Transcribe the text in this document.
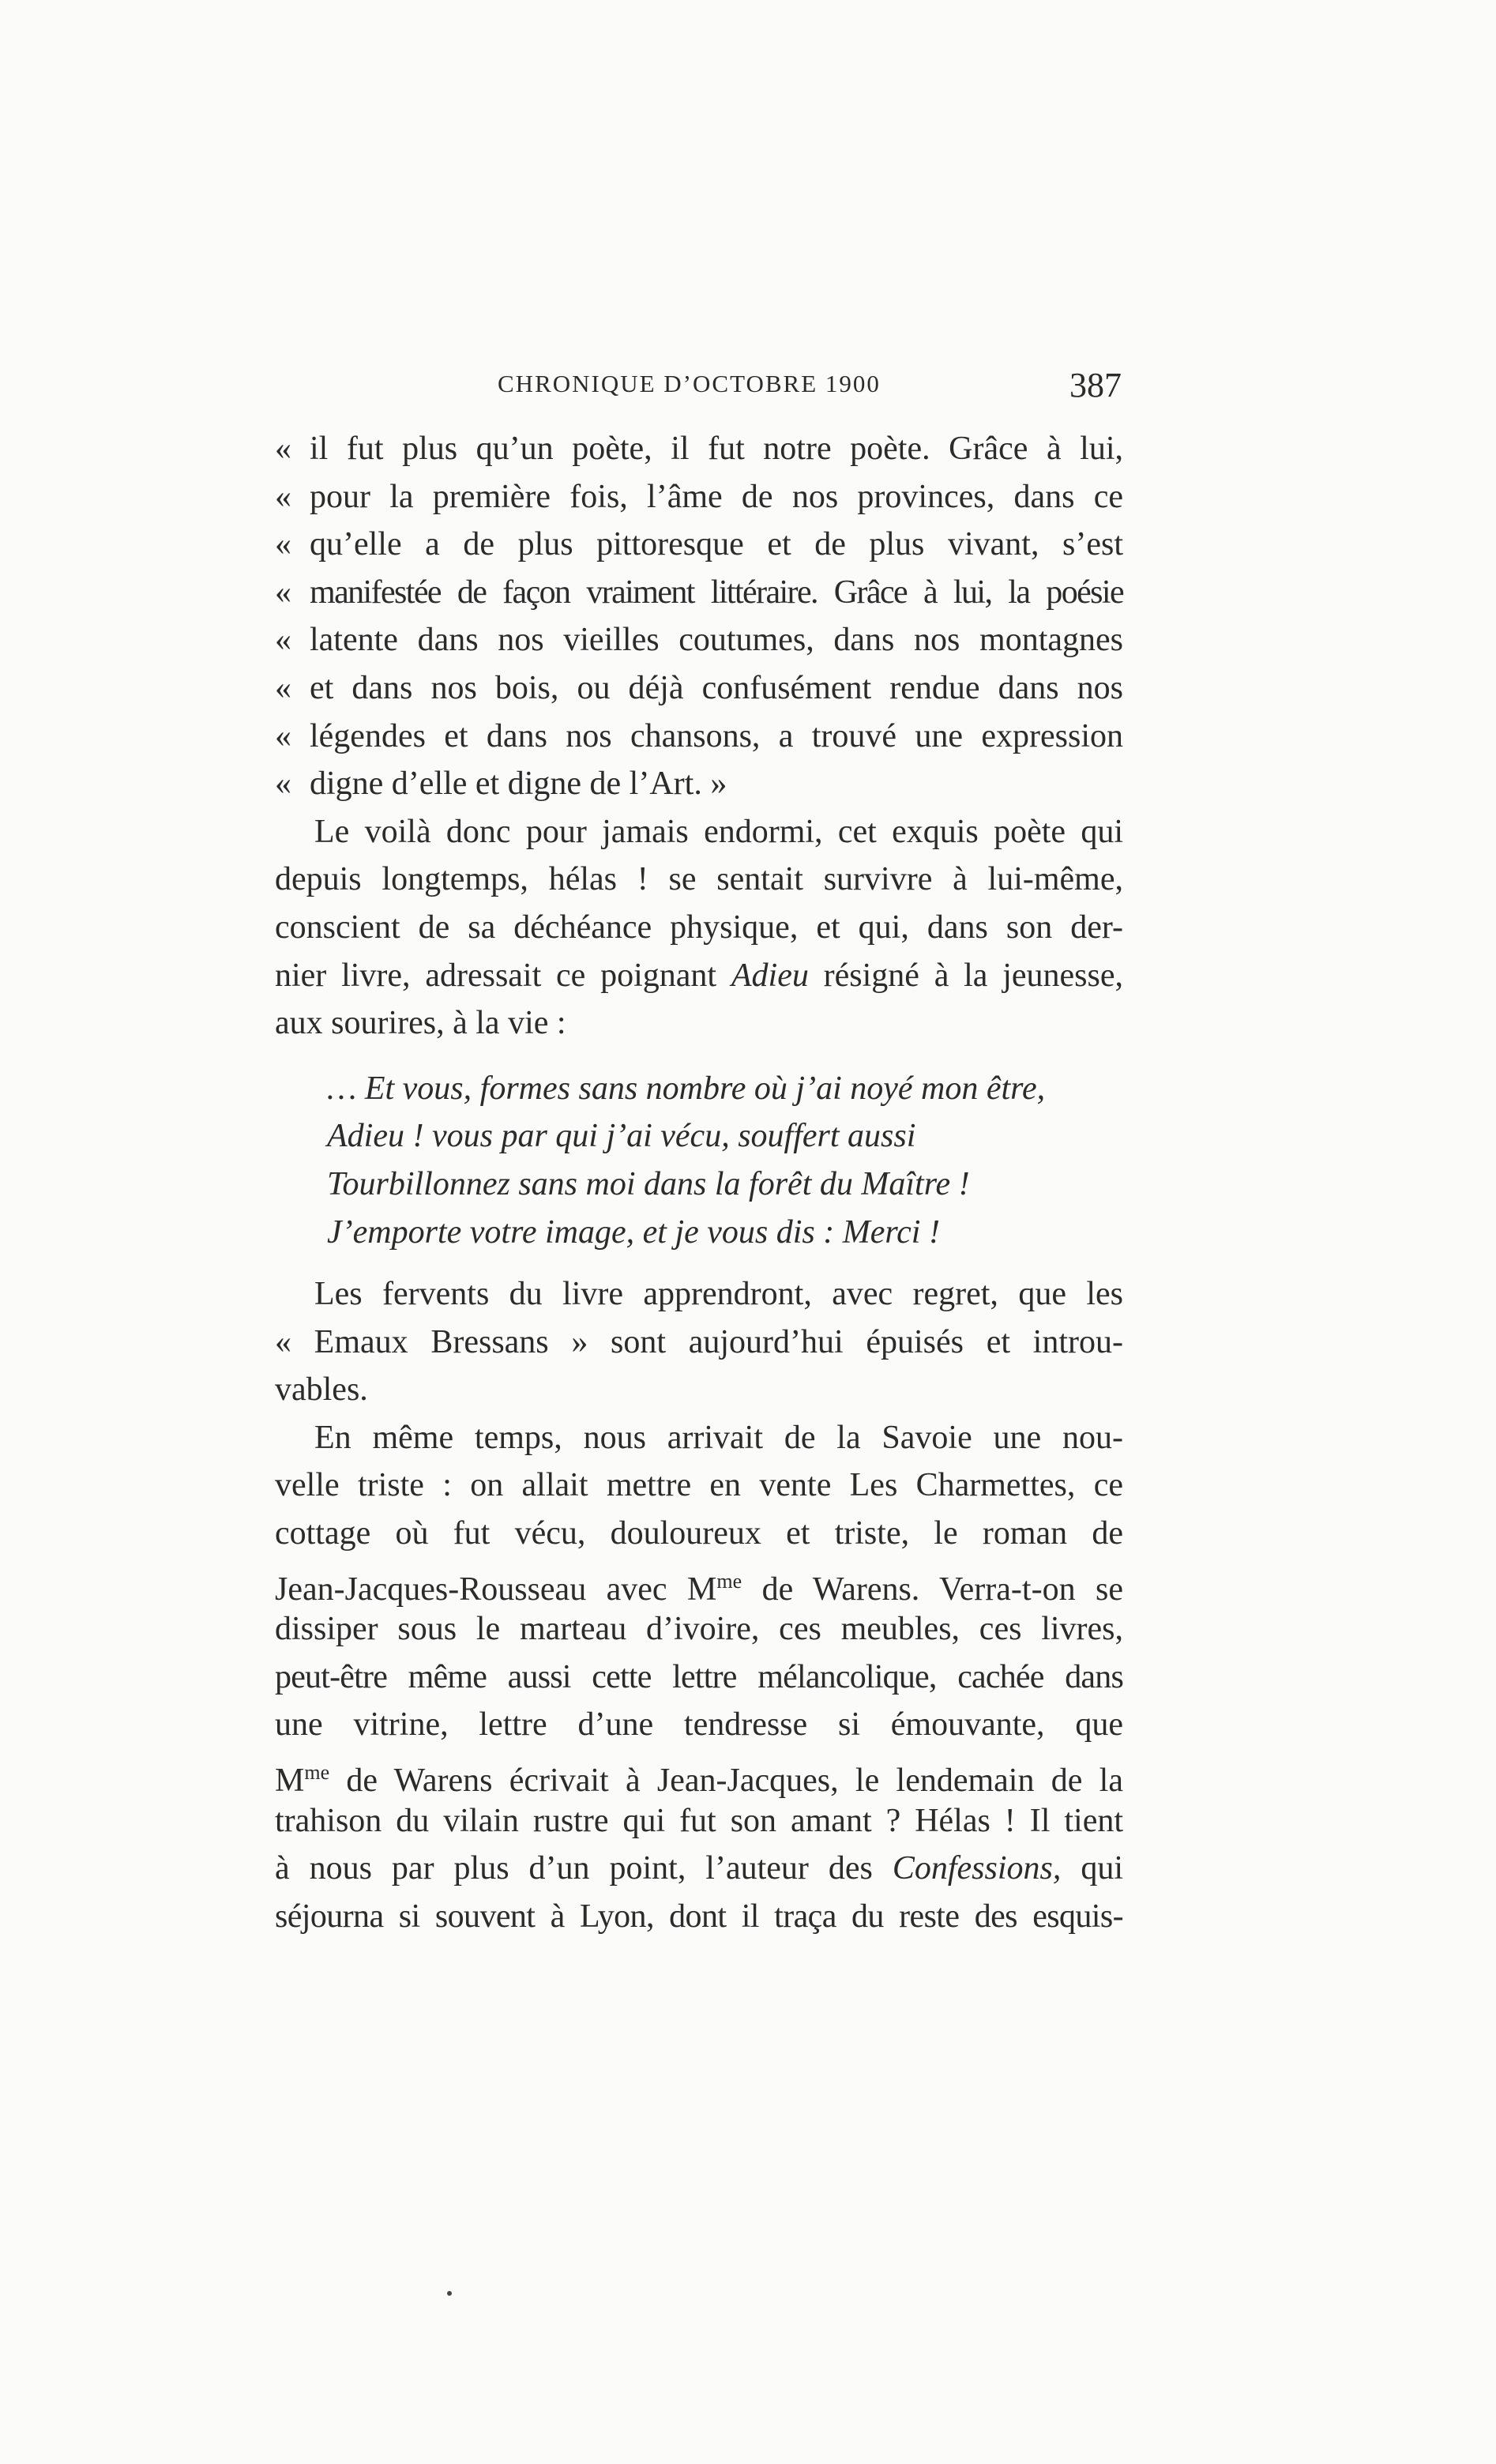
CHRONIQUE D’OCTOBRE 1900	387
« il fut plus qu’un poète, il fut notre poète. Grâce à lui,
« pour la première fois, l’âme de nos provinces, dans ce
« qu’elle a de plus pittoresque et de plus vivant, s’est
« manifestée de façon vraiment littéraire. Grâce à lui, la poésie
« latente dans nos vieilles coutumes, dans nos montagnes
« et dans nos bois, ou déjà confusément rendue dans nos
« légendes et dans nos chansons, a trouvé une expression
« digne d’elle et digne de l’Art. »
Le voilà donc pour jamais endormi, cet exquis poète qui
depuis longtemps, hélas ! se sentait survivre à lui-même,
conscient de sa déchéance physique, et qui, dans son der-
nier livre, adressait ce poignant Adieu résigné à la jeunesse,
aux sourires, à la vie :
… Et vous, formes sans nombre où j’ai noyé mon être,
Adieu ! vous par qui j’ai vécu, souffert aussi
Tourbillonnez sans moi dans la forêt du Maître !
J’emporte votre image, et je vous dis : Merci !
Les fervents du livre apprendront, avec regret, que les
« Emaux Bressans » sont aujourd’hui épuisés et introu-
vables.
En même temps, nous arrivait de la Savoie une nou-
velle triste : on allait mettre en vente Les Charmettes, ce
cottage où fut vécu, douloureux et triste, le roman de
Jean-Jacques-Rousseau avec $M^{me}$ de Warens. Verra-t-on se
dissiper sous le marteau d’ivoire, ces meubles, ces livres,
peut-être même aussi cette lettre mélancolique, cachée dans
une vitrine, lettre d’une tendresse si émouvante, que
$M^{me}$ de Warens écrivait à Jean-Jacques, le lendemain de la
trahison du vilain rustre qui fut son amant ? Hélas ! Il tient
à nous par plus d’un point, l’auteur des Confessions, qui
séjourna si souvent à Lyon, dont il traça du reste des esquis-
